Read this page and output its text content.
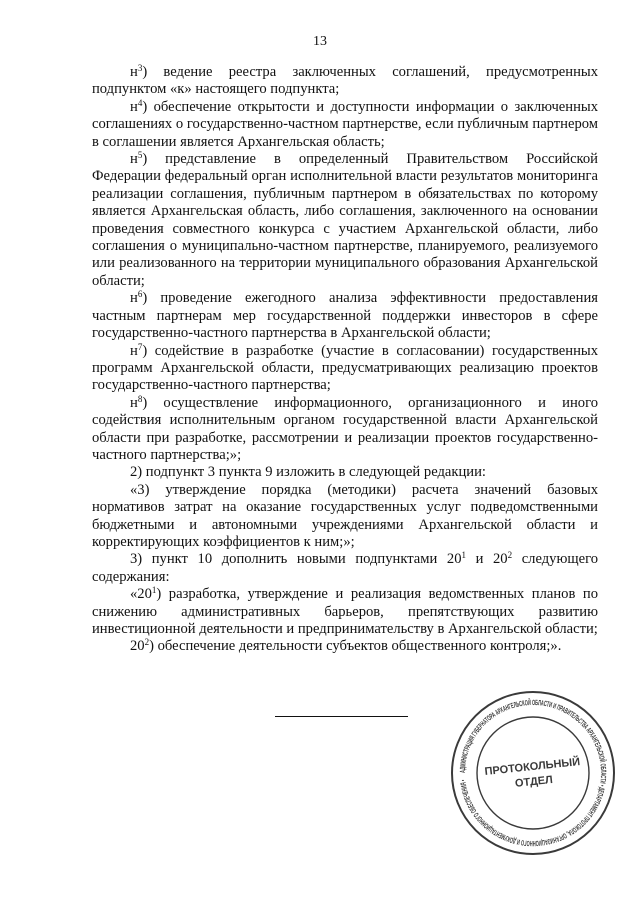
13

$н^3$) ведение реестра заключенных соглашений, предусмотренных подпунктом «к» настоящего подпункта;

$н^4$) обеспечение открытости и доступности информации о заключенных соглашениях о государственно-частном партнерстве, если публичным партнером в соглашении является Архангельская область;

$н^5$) представление в определенный Правительством Российской Федерации федеральный орган исполнительной власти результатов мониторинга реализации соглашения, публичным партнером в обязательствах по которому является Архангельская область, либо соглашения, заключенного на основании проведения совместного конкурса с участием Архангельской области, либо соглашения о муниципально-частном партнерстве, планируемого, реализуемого или реализованного на территории муниципального образования Архангельской области;

$н^6$) проведение ежегодного анализа эффективности предоставления частным партнерам мер государственной поддержки инвесторов в сфере государственно-частного партнерства в Архангельской области;

$н^7$) содействие в разработке (участие в согласовании) государственных программ Архангельской области, предусматривающих реализацию проектов государственно-частного партнерства;

$н^8$) осуществление информационного, организационного и иного содействия исполнительным органом государственной власти Архангельской области при разработке, рассмотрении и реализации проектов государственно-частного партнерства;»;

2) подпункт 3 пункта 9 изложить в следующей редакции:

«3) утверждение порядка (методики) расчета значений базовых нормативов затрат на оказание государственных услуг подведомственными бюджетными и автономными учреждениями Архангельской области и корректирующих коэффициентов к ним;»;

3) пункт 10 дополнить новыми подпунктами $20^1$ и $20^2$ следующего содержания:

«$20^1$) разработка, утверждение и реализация ведомственных планов по снижению административных барьеров, препятствующих развитию инвестиционной деятельности и предпринимательству в Архангельской области;

$20^2$) обеспечение деятельности субъектов общественного контроля;».

АДМИНИСТРАЦИЯ ГУБЕРНАТОРА АРХАНГЕЛЬСКОЙ ОБЛАСТИ И ПРАВИТЕЛЬСТВА АРХАНГЕЛЬСКОЙ ОБЛАСТИ • ДЕПАРТАМЕНТ ПРОТОКОЛА, ОРГАНИЗАЦИОННОГО И ДОКУМЕНТАЦИОННОГО ОБЕСПЕЧЕНИЯ •
ПРОТОКОЛЬНЫЙ
ОТДЕЛ
